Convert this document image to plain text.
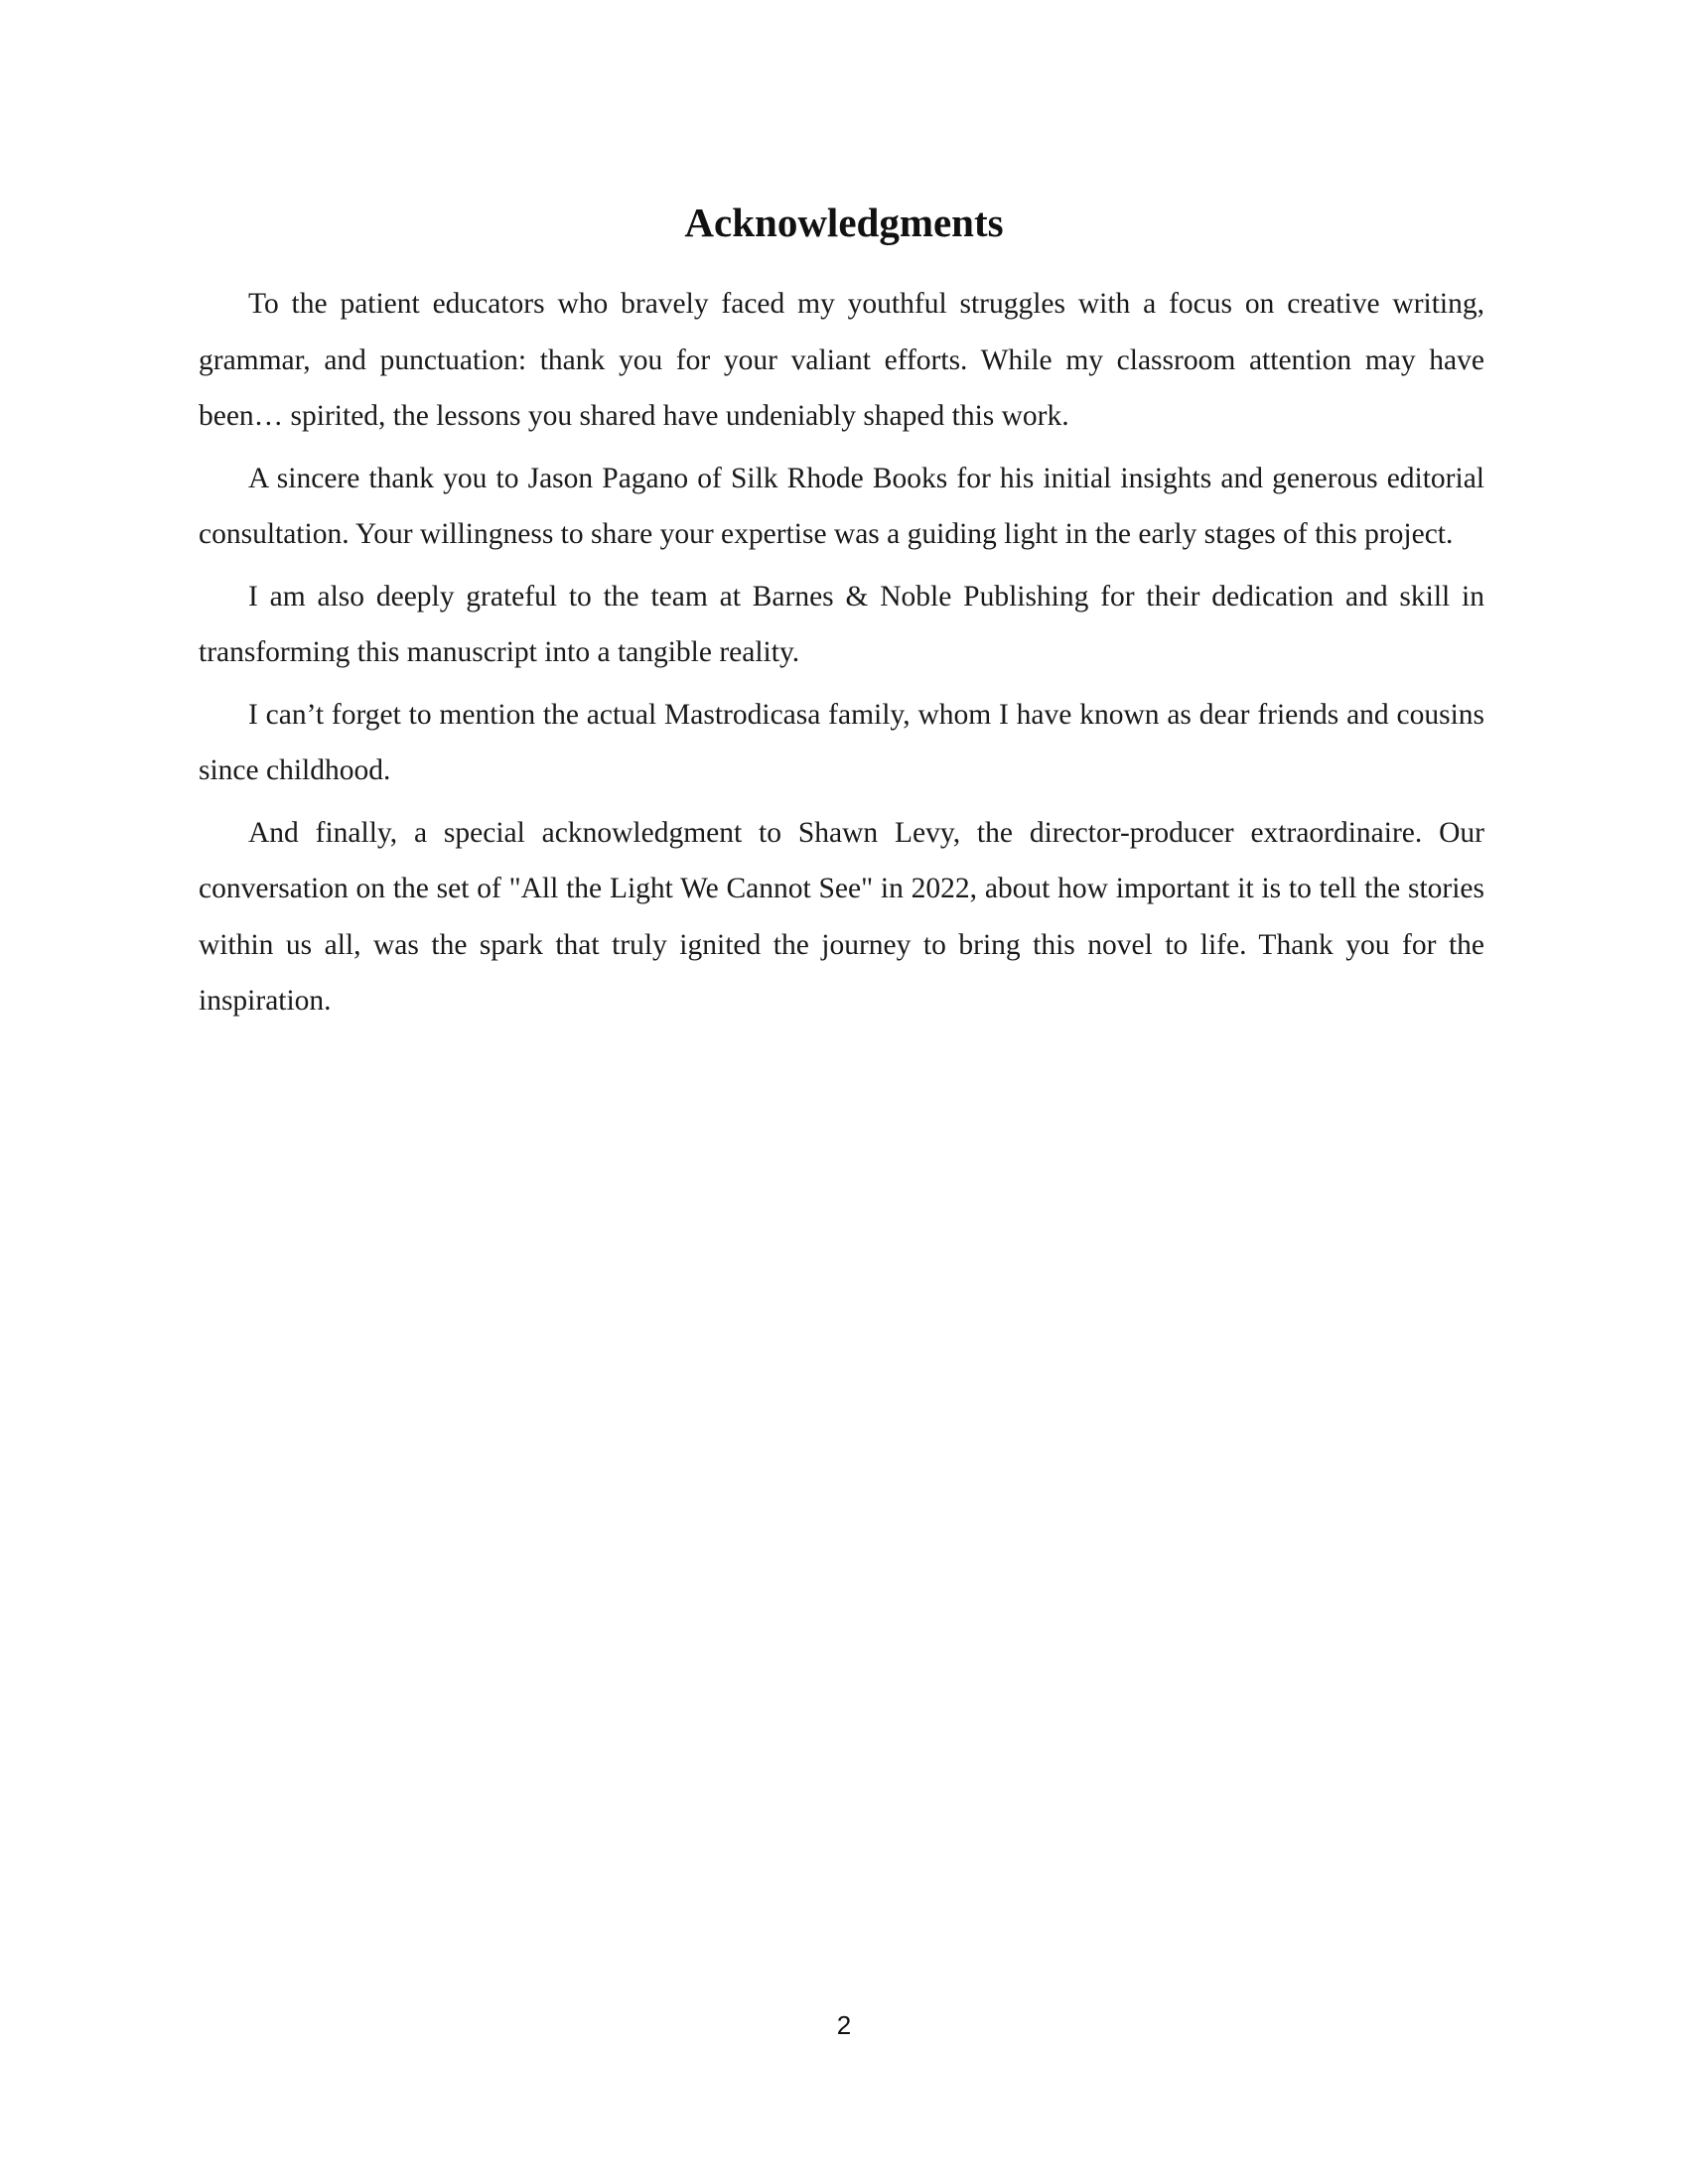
Acknowledgments

To the patient educators who bravely faced my youthful struggles with a focus on creative writing, grammar, and punctuation: thank you for your valiant efforts. While my classroom attention may have been… spirited, the lessons you shared have undeniably shaped this work.

A sincere thank you to Jason Pagano of Silk Rhode Books for his initial insights and generous editorial consultation. Your willingness to share your expertise was a guiding light in the early stages of this project.

I am also deeply grateful to the team at Barnes & Noble Publishing for their dedication and skill in transforming this manuscript into a tangible reality.

I can’t forget to mention the actual Mastrodicasa family, whom I have known as dear friends and cousins since childhood.

And finally, a special acknowledgment to Shawn Levy, the director-producer extraordinaire. Our conversation on the set of "All the Light We Cannot See" in 2022, about how important it is to tell the stories within us all, was the spark that truly ignited the journey to bring this novel to life. Thank you for the inspiration.

2
